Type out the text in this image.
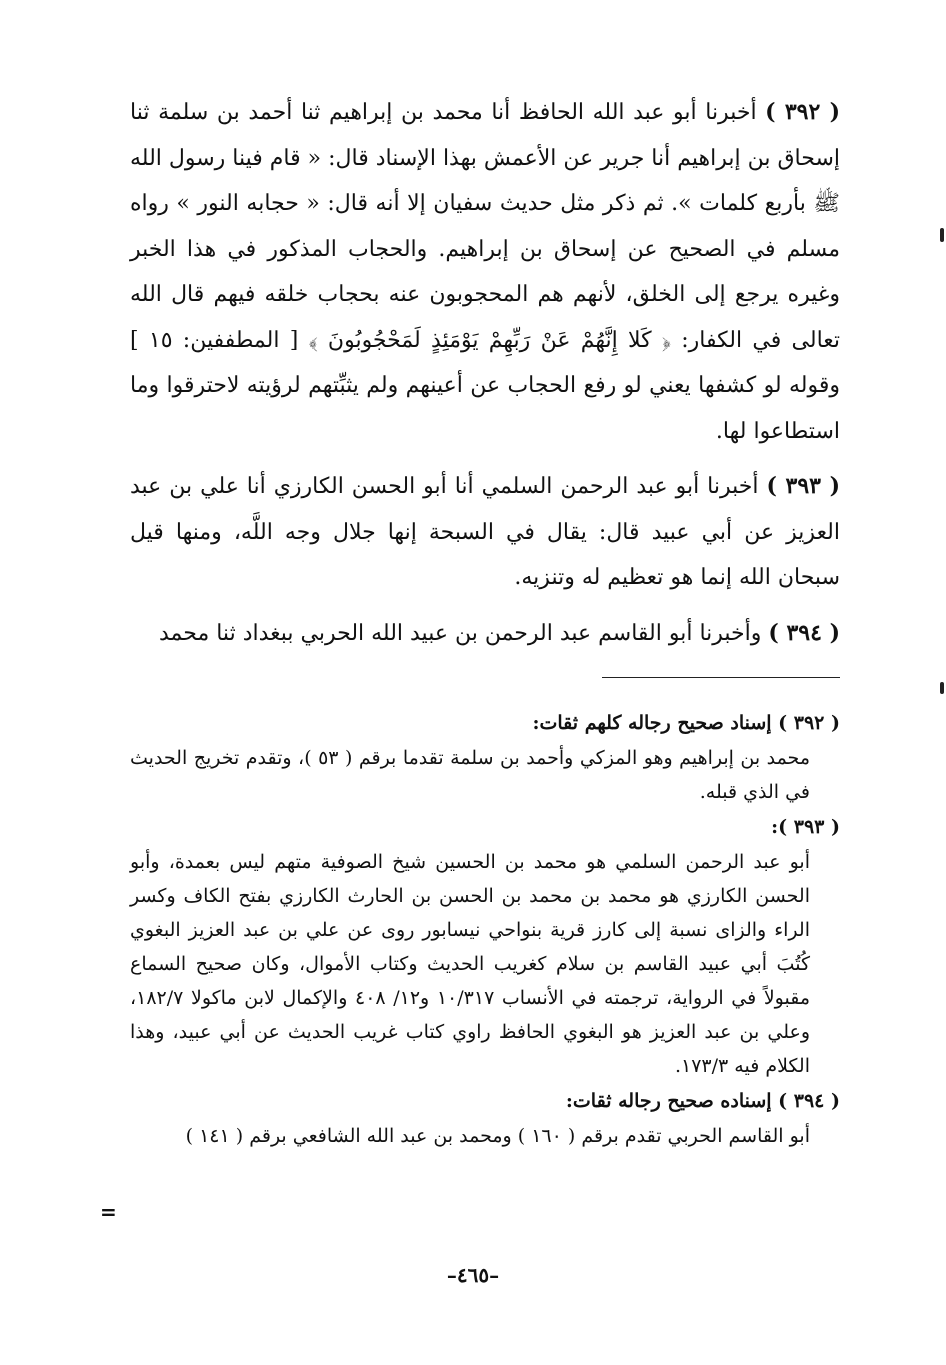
( ٣٩٢ ) أخبرنا أبو عبد الله الحافظ أنا محمد بن إبراهيم ثنا أحمد بن سلمة ثنا إسحاق بن إبراهيم أنا جرير عن الأعمش بهذا الإسناد قال: « قام فينا رسول الله ﷺ بأربع كلمات ». ثم ذكر مثل حديث سفيان إلا أنه قال: « حجابه النور » رواه مسلم في الصحيح عن إسحاق بن إبراهيم. والحجاب المذكور في هذا الخبر وغيره يرجع إلى الخلق، لأنهم هم المحجوبون عنه بحجاب خلقه فيهم قال الله تعالى في الكفار: ﴿ كَلا إِنَّهُمْ عَنْ رَبِّهِمْ يَوْمَئِذٍ لَمَحْجُوبُونَ ﴾ [ المطففين: ١٥ ] وقوله لو كشفها يعني لو رفع الحجاب عن أعينهم ولم يثبِّتهم لرؤيته لاحترقوا وما استطاعوا لها.

( ٣٩٣ ) أخبرنا أبو عبد الرحمن السلمي أنا أبو الحسن الكارزي أنا علي بن عبد العزيز عن أبي عبيد قال: يقال في السبحة إنها جلال وجه اللَّه، ومنها قيل سبحان الله إنما هو تعظيم له وتنزيه.

( ٣٩٤ ) وأخبرنا أبو القاسم عبد الرحمن بن عبيد الله الحربي ببغداد ثنا محمد

( ٣٩٢ ) إسناد صحيح رجاله كلهم ثقات:

محمد بن إبراهيم وهو المزكي وأحمد بن سلمة تقدما برقم ( ٥٣ )، وتقدم تخريج الحديث في الذي قبله.

( ٣٩٣ ):

أبو عبد الرحمن السلمي هو محمد بن الحسين شيخ الصوفية متهم ليس بعمدة، وأبو الحسن الكارزي هو محمد بن محمد بن الحسن بن الحارث الكارزي بفتح الكاف وكسر الراء والزاى نسبة إلى كارز قرية بنواحي نيسابور روى عن علي بن عبد العزيز البغوي كُتُبَ أبي عبيد القاسم بن سلام كغريب الحديث وكتاب الأموال، وكان صحيح السماع مقبولاً في الرواية، ترجمته في الأنساب ١٠/٣١٧ و١٢/ ٤٠٨ والإكمال لابن ماكولا ١٨٢/٧، وعلي بن عبد العزيز هو البغوي الحافظ راوي كتاب غريب الحديث عن أبي عبيد، وهذا الكلام فيه ١٧٣/٣.

( ٣٩٤ ) إسناده صحيح رجاله ثقات:

أبو القاسم الحربي تقدم برقم ( ١٦٠ ) ومحمد بن عبد الله الشافعي برقم ( ١٤١ )

=
–٤٦٥–
